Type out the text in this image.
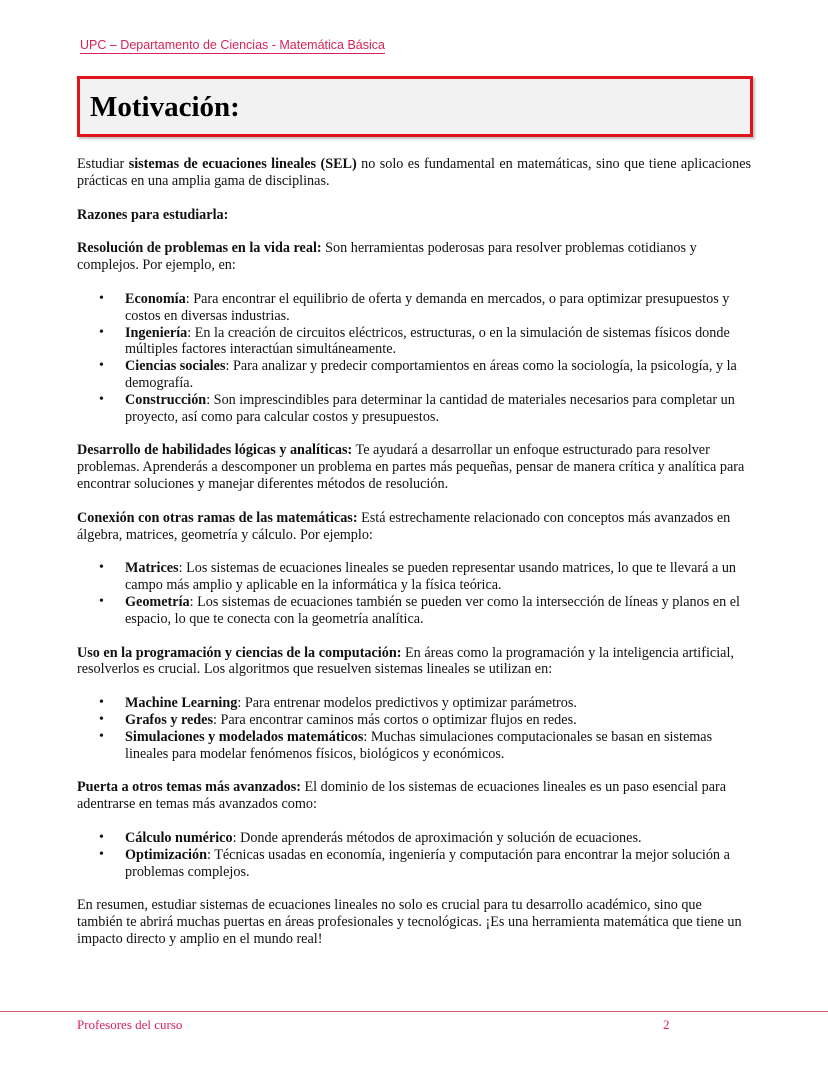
UPC – Departamento de Ciencias - Matemática Básica
Motivación:

Estudiar sistemas de ecuaciones lineales (SEL) no solo es fundamental en matemáticas, sino que tiene aplicaciones prácticas en una amplia gama de disciplinas.

Razones para estudiarla:

Resolución de problemas en la vida real: Son herramientas poderosas para resolver problemas cotidianos y complejos. Por ejemplo, en:

• Economía: Para encontrar el equilibrio de oferta y demanda en mercados, o para optimizar presupuestos y costos en diversas industrias.
• Ingeniería: En la creación de circuitos eléctricos, estructuras, o en la simulación de sistemas físicos donde múltiples factores interactúan simultáneamente.
• Ciencias sociales: Para analizar y predecir comportamientos en áreas como la sociología, la psicología, y la demografía.
• Construcción: Son imprescindibles para determinar la cantidad de materiales necesarios para completar un proyecto, así como para calcular costos y presupuestos.

Desarrollo de habilidades lógicas y analíticas: Te ayudará a desarrollar un enfoque estructurado para resolver problemas. Aprenderás a descomponer un problema en partes más pequeñas, pensar de manera crítica y analítica para encontrar soluciones y manejar diferentes métodos de resolución.

Conexión con otras ramas de las matemáticas: Está estrechamente relacionado con conceptos más avanzados en álgebra, matrices, geometría y cálculo. Por ejemplo:

• Matrices: Los sistemas de ecuaciones lineales se pueden representar usando matrices, lo que te llevará a un campo más amplio y aplicable en la informática y la física teórica.
• Geometría: Los sistemas de ecuaciones también se pueden ver como la intersección de líneas y planos en el espacio, lo que te conecta con la geometría analítica.

Uso en la programación y ciencias de la computación: En áreas como la programación y la inteligencia artificial, resolverlos es crucial. Los algoritmos que resuelven sistemas lineales se utilizan en:

• Machine Learning: Para entrenar modelos predictivos y optimizar parámetros.
• Grafos y redes: Para encontrar caminos más cortos o optimizar flujos en redes.
• Simulaciones y modelados matemáticos: Muchas simulaciones computacionales se basan en sistemas lineales para modelar fenómenos físicos, biológicos y económicos.

Puerta a otros temas más avanzados: El dominio de los sistemas de ecuaciones lineales es un paso esencial para adentrarse en temas más avanzados como:

• Cálculo numérico: Donde aprenderás métodos de aproximación y solución de ecuaciones.
• Optimización: Técnicas usadas en economía, ingeniería y computación para encontrar la mejor solución a problemas complejos.

En resumen, estudiar sistemas de ecuaciones lineales no solo es crucial para tu desarrollo académico, sino que también te abrirá muchas puertas en áreas profesionales y tecnológicas. ¡Es una herramienta matemática que tiene un impacto directo y amplio en el mundo real!

Profesores del curso	2
